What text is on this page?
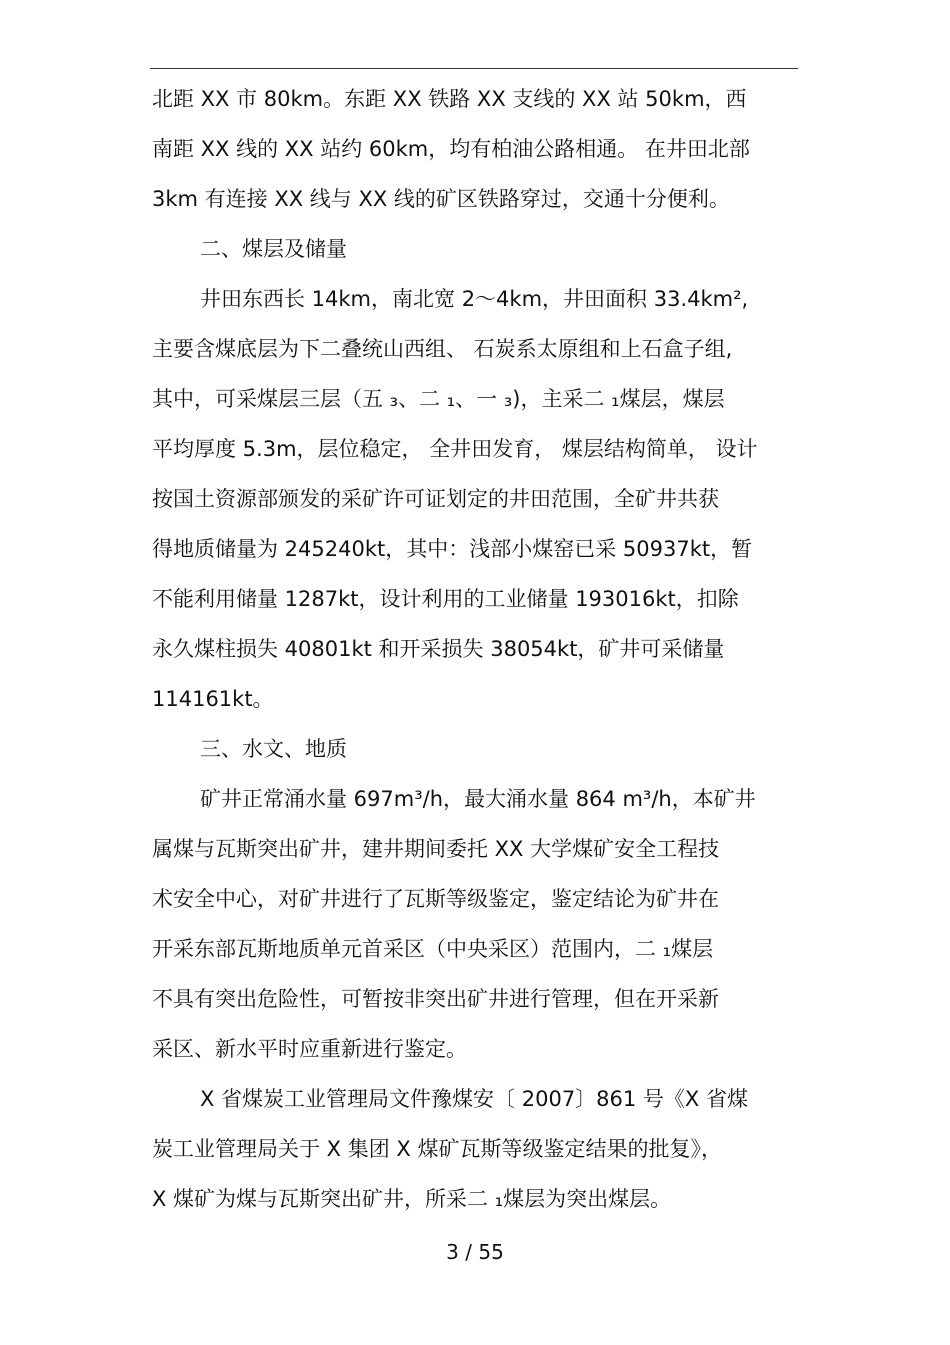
北距 XX 市 80km。东距 XX 铁路 XX 支线的 XX 站 50km，西
南距 XX 线的 XX 站约 60km，均有柏油公路相通。 在井田北部
3km 有连接 XX 线与 XX 线的矿区铁路穿过，交通十分便利。
二、煤层及储量
井田东西长 14km，南北宽 2～4km，井田面积 33.4km²,
主要含煤底层为下二叠统山西组、 石炭系太原组和上石盒子组,
其中，可采煤层三层（五 ₃、二 ₁、一 ₃)，主采二 ₁煤层，煤层
平均厚度 5.3m，层位稳定， 全井田发育， 煤层结构简单， 设计
按国土资源部颁发的采矿许可证划定的井田范围，全矿井共获
得地质储量为 245240kt，其中：浅部小煤窑已采 50937kt，暂
不能利用储量 1287kt，设计利用的工业储量 193016kt，扣除
永久煤柱损失 40801kt 和开采损失 38054kt，矿井可采储量
114161kt。
三、水文、地质
矿井正常涌水量 697m³/h，最大涌水量 864 m³/h，本矿井
属煤与瓦斯突出矿井，建井期间委托 XX 大学煤矿安全工程技
术安全中心，对矿井进行了瓦斯等级鉴定，鉴定结论为矿井在
开采东部瓦斯地质单元首采区（中央采区）范围内，二 ₁煤层
不具有突出危险性，可暂按非突出矿井进行管理，但在开采新
采区、新水平时应重新进行鉴定。
X 省煤炭工业管理局文件豫煤安〔 2007〕861 号《X 省煤
炭工业管理局关于 X 集团 X 煤矿瓦斯等级鉴定结果的批复》，
X 煤矿为煤与瓦斯突出矿井，所采二 ₁煤层为突出煤层。
3 / 55
